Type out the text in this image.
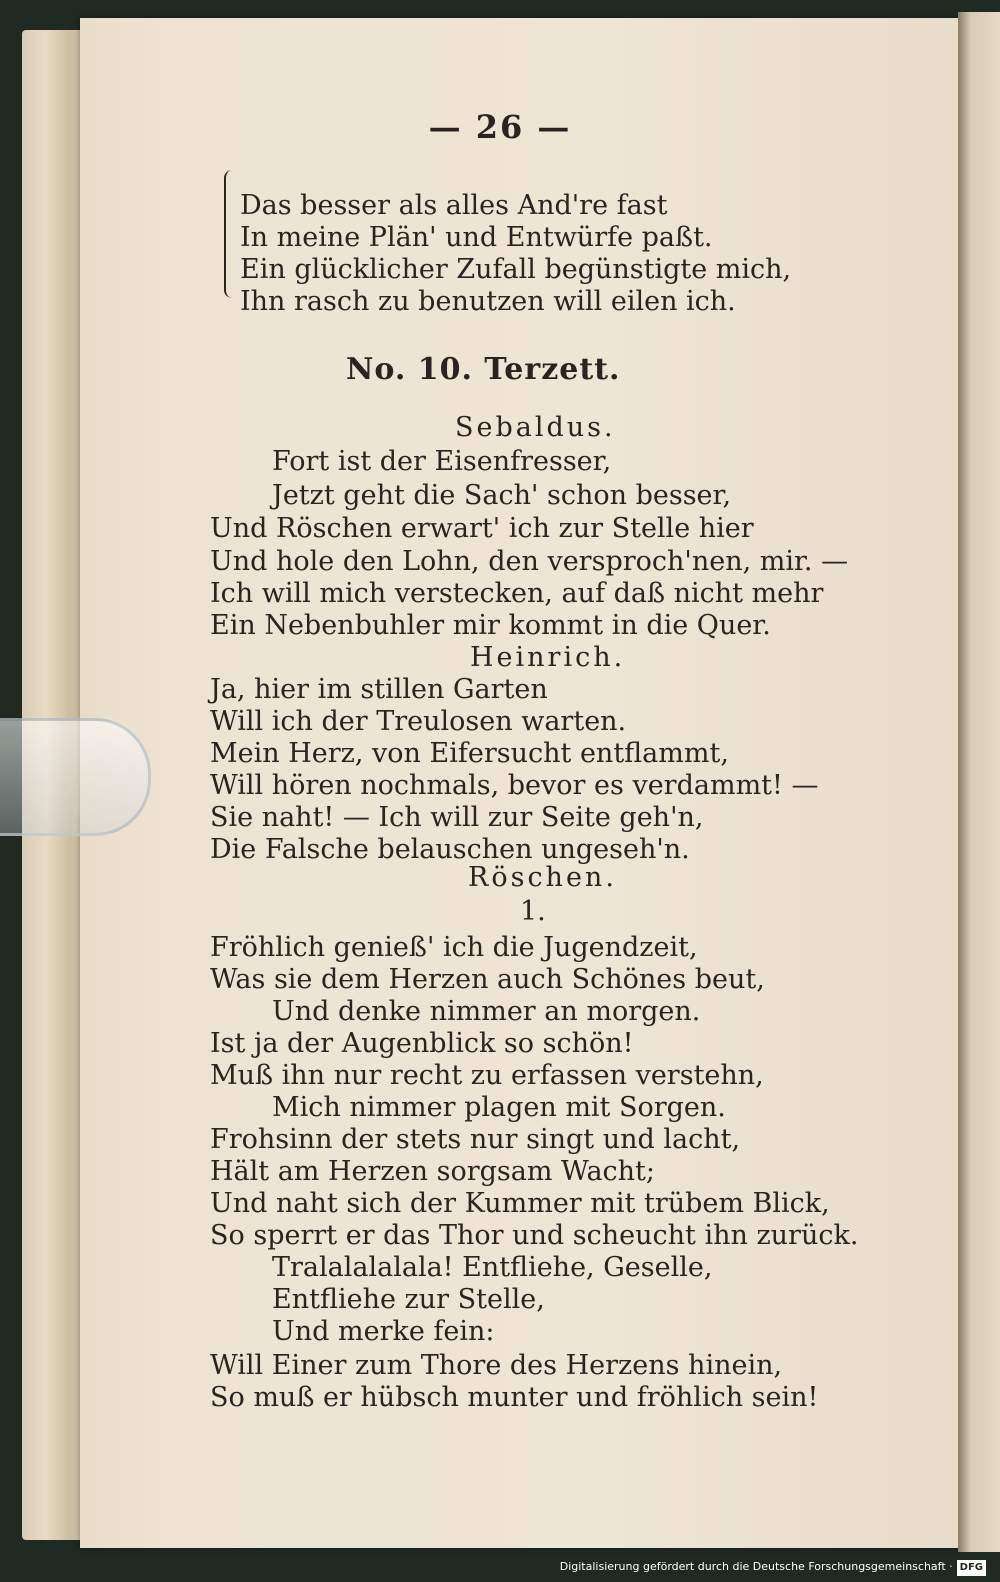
— 26 —
Das besser als alles And're fast
In meine Plän' und Entwürfe paßt.
Ein glücklicher Zufall begünstigte mich,
Ihn rasch zu benutzen will eilen ich.
No. 10. Terzett.
Sebaldus.
Fort ist der Eisenfresser,
Jetzt geht die Sach' schon besser,
Und Röschen erwart' ich zur Stelle hier
Und hole den Lohn, den versproch'nen, mir. —
Ich will mich verstecken, auf daß nicht mehr
Ein Nebenbuhler mir kommt in die Quer.
Heinrich.
Ja, hier im stillen Garten
Will ich der Treulosen warten.
Mein Herz, von Eifersucht entflammt,
Will hören nochmals, bevor es verdammt! —
Sie naht! — Ich will zur Seite geh'n,
Die Falsche belauschen ungeseh'n.
Röschen.
1.
Fröhlich genieß' ich die Jugendzeit,
Was sie dem Herzen auch Schönes beut,
Und denke nimmer an morgen.
Ist ja der Augenblick so schön!
Muß ihn nur recht zu erfassen verstehn,
Mich nimmer plagen mit Sorgen.
Frohsinn der stets nur singt und lacht,
Hält am Herzen sorgsam Wacht;
Und naht sich der Kummer mit trübem Blick,
So sperrt er das Thor und scheucht ihn zurück.
Tralalalalala! Entfliehe, Geselle,
Entfliehe zur Stelle,
Und merke fein:
Will Einer zum Thore des Herzens hinein,
So muß er hübsch munter und fröhlich sein!
Digitalisierung gefördert durch die Deutsche Forschungsgemeinschaft · DFG
